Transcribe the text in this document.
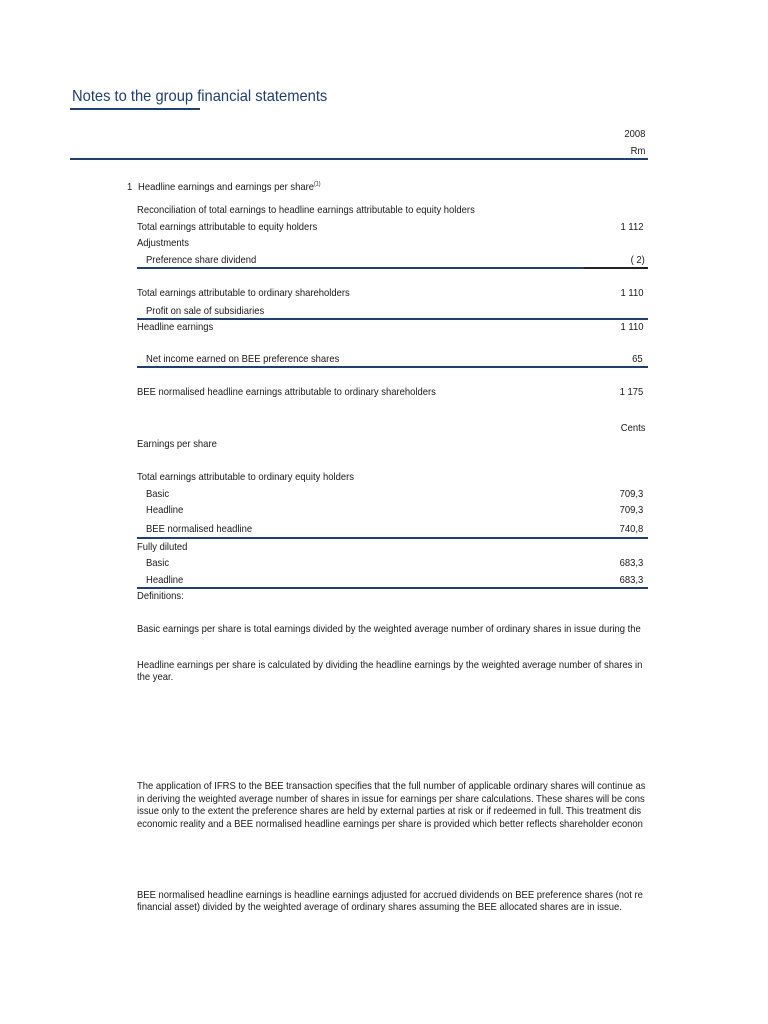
Notes to the group financial statements
2008
Rm
1 Headline earnings and earnings per share$^{(1)}$
Reconciliation of total earnings to headline earnings attributable to equity holders
Total earnings attributable to equity holders	1 112
Adjustments
Preference share dividend	( 2)
Total earnings attributable to ordinary shareholders	1 110
Profit on sale of subsidiaries
Headline earnings	1 110
Net income earned on BEE preference shares	65
BEE normalised headline earnings attributable to ordinary shareholders	1 175
Cents
Earnings per share
Total earnings attributable to ordinary equity holders
Basic	709,3
Headline	709,3
BEE normalised headline	740,8
Fully diluted
Basic	683,3
Headline	683,3
Definitions:
Basic earnings per share is total earnings divided by the weighted average number of ordinary shares in issue during the
Headline earnings per share is calculated by dividing the headline earnings by the weighted average number of shares in
the year.
The application of IFRS to the BEE transaction specifies that the full number of applicable ordinary shares will continue as
in deriving the weighted average number of shares in issue for earnings per share calculations. These shares will be cons
issue only to the extent the preference shares are held by external parties at risk or if redeemed in full. This treatment dis
economic reality and a BEE normalised headline earnings per share is provided which better reflects shareholder econon
BEE normalised headline earnings is headline earnings adjusted for accrued dividends on BEE preference shares (not re
financial asset) divided by the weighted average of ordinary shares assuming the BEE allocated shares are in issue.
